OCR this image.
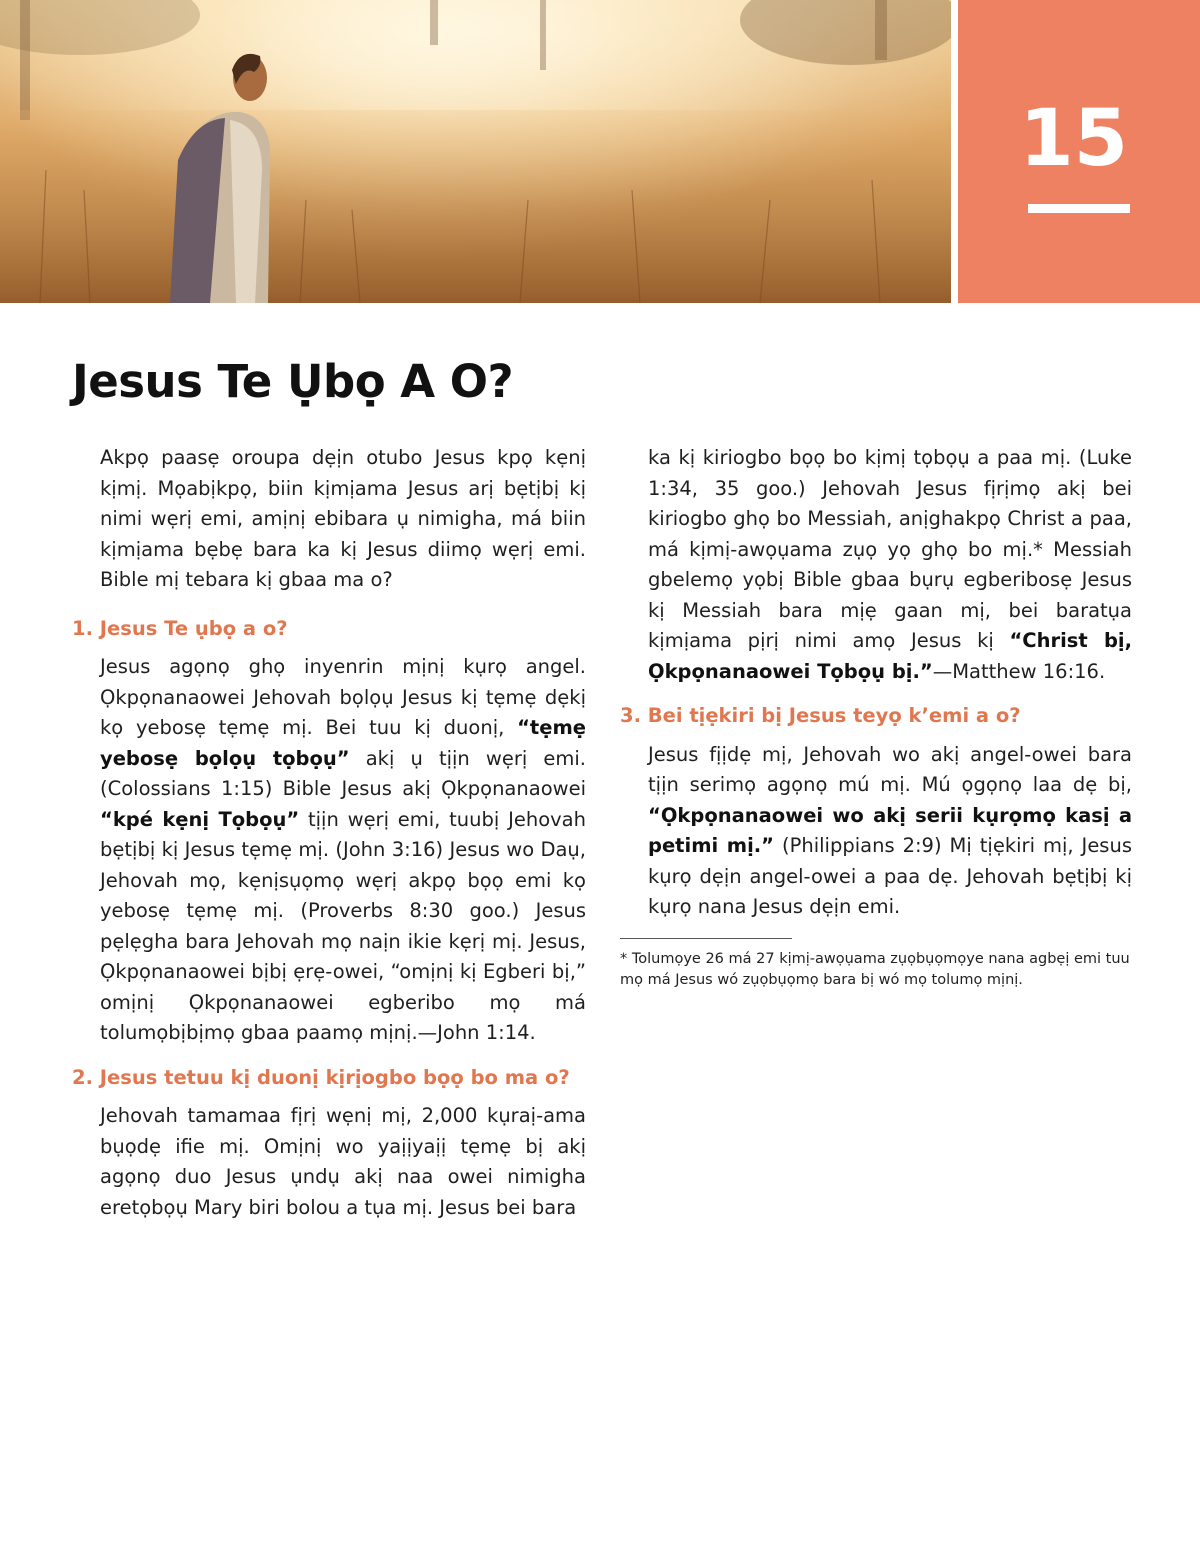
15
Jesus Te Ụbọ A O?

Akpọ paasẹ oroupa dẹịn otubo Jesus kpọ kẹnị kịmị. Mọabịkpọ, biin kịmịama Jesus arị bẹtịbị kị nimi wẹrị emi, amịnị ebibara ụ nimigha, má biin kịmịama bẹbẹ bara ka kị Jesus diimọ wẹrị emi. Bible mị tebara kị gbaa ma o?

1. Jesus Te ụbọ a o?

Jesus agọnọ ghọ inyenrin mịnị kụrọ angel. Ọkpọnanaowei Jehovah bọlọụ Jesus kị tẹmẹ dẹkị kọ yebosẹ tẹmẹ mị. Bei tuu kị duonị, “tẹmẹ yebosẹ bọlọụ tọbọụ” akị ụ tịịn wẹrị emi. (Colossians 1:15) Bible Jesus akị Ọkpọnanaowei “kpé kẹnị Tọbọụ” tịịn wẹrị emi, tuubị Jehovah bẹtịbị kị Jesus tẹmẹ mị. (John 3:16) Jesus wo Daụ, Jehovah mọ, kẹnịsụọmọ wẹrị akpọ bọọ emi kọ yebosẹ tẹmẹ mị. (Proverbs 8:30 goo.) Jesus pẹlẹgha bara Jehovah mọ naịn ikie kẹrị mị. Jesus, Ọkpọnanaowei bịbị ẹrẹ-owei, “omịnị kị Egberi bị,” omịnị Ọkpọnanaowei egberibo mọ má tolumọbịbịmọ gbaa paamọ mịnị.—John 1:14.

2. Jesus tetuu kị duonị kịrịogbo bọọ bo ma o?

Jehovah tamamaa fịrị wẹnị mị, 2,000 kụraị-ama bụọdẹ ifie mị. Omịnị wo yaịịyaịị tẹmẹ bị akị agọnọ duo Jesus ụndụ akị naa owei nimigha eretọbọụ Mary biri bolou a tụa mị. Jesus bei bara

ka kị kiriogbo bọọ bo kịmị tọbọụ a paa mị. (Luke 1:34, 35 goo.) Jehovah Jesus fịrịmọ akị bei kiriogbo ghọ bo Messiah, anịghakpọ Christ a paa, má kịmị-awọụama zụọ yọ ghọ bo mị.* Messiah gbelemọ yọbị Bible gbaa bụrụ egberibosẹ Jesus kị Messiah bara mịẹ gaan mị, bei baratụa kịmịama pịrị nimi amọ Jesus kị “Christ bị, Ọkpọnanaowei Tọbọụ bị.”—Matthew 16:16.

3. Bei tịẹkiri bị Jesus teyọ k’emi a o?

Jesus fịịdẹ mị, Jehovah wo akị angel-owei bara tịịn serimọ agọnọ mú mị. Mú ọgọnọ laa dẹ bị, “Ọkpọnanaowei wo akị serii kụrọmọ kasị a petimi mị.” (Philippians 2:9) Mị tịẹkiri mị, Jesus kụrọ dẹịn angel-owei a paa dẹ. Jehovah bẹtịbị kị kụrọ nana Jesus dẹịn emi.

* Tolumọye 26 má 27 kịmị-awọụama zụọbụọmọye nana agbẹị emi tuu mọ má Jesus wó zụọbụọmọ bara bị wó mọ tolumọ mịnị.
